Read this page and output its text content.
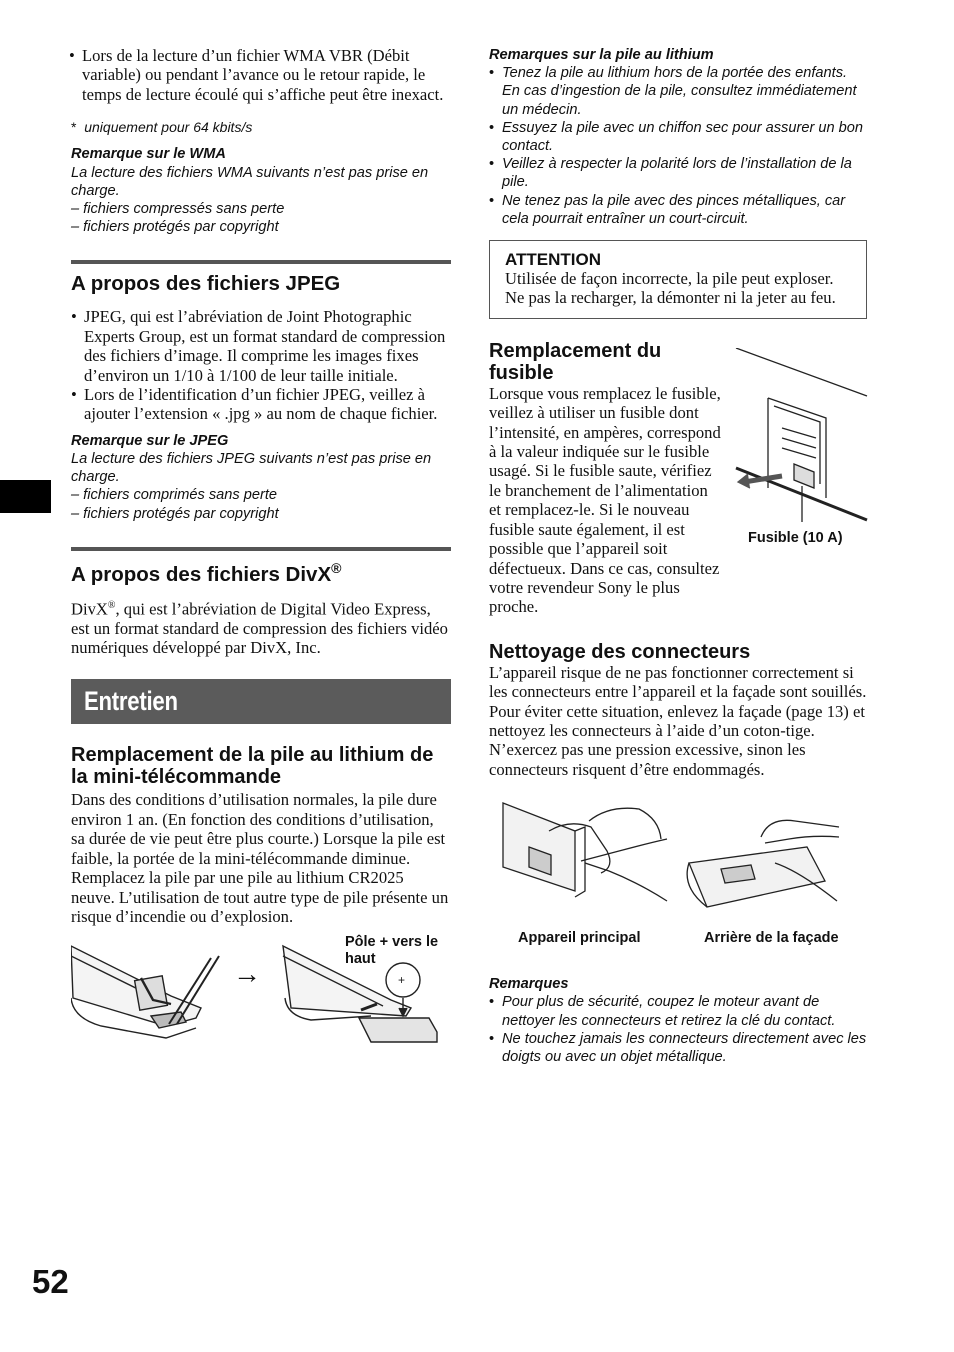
• Lors de la lecture d’un fichier WMA VBR (Débit variable) ou pendant l’avance ou le retour rapide, le temps de lecture écoulé qui s’affiche peut être inexact.
* uniquement pour 64 kbits/s
Remarque sur le WMA
La lecture des fichiers WMA suivants n’est pas prise en charge.
– fichiers compressés sans perte
– fichiers protégés par copyright
A propos des fichiers JPEG
• JPEG, qui est l’abréviation de Joint Photographic Experts Group, est un format standard de compression des fichiers d’image. Il comprime les images fixes d’environ un 1/10 à 1/100 de leur taille initiale.
• Lors de l’identification d’un fichier JPEG, veillez à ajouter l’extension « .jpg » au nom de chaque fichier.
Remarque sur le JPEG
La lecture des fichiers JPEG suivants n’est pas prise en charge.
– fichiers comprimés sans perte
– fichiers protégés par copyright
A propos des fichiers DivX®

DivX®, qui est l’abréviation de Digital Video Express, est un format standard de compression des fichiers vidéo numériques développé par DivX, Inc.

Entretien
Remplacement de la pile au lithium de la mini-télécommande

Dans des conditions d’utilisation normales, la pile dure environ 1 an. (En fonction des conditions d’utilisation, sa durée de vie peut être plus courte.) Lorsque la pile est faible, la portée de la mini-télécommande diminue. Remplacez la pile par une pile au lithium CR2025 neuve. L’utilisation de tout autre type de pile présente un risque d’incendie ou d’explosion.

+
→
Pôle + vers le haut
Remarques sur la pile au lithium
• Tenez la pile au lithium hors de la portée des enfants. En cas d’ingestion de la pile, consultez immédiatement un médecin.
• Essuyez la pile avec un chiffon sec pour assurer un bon contact.
• Veillez à respecter la polarité lors de l’installation de la pile.
• Ne tenez pas la pile avec des pinces métalliques, car cela pourrait entraîner un court-circuit.
ATTENTION

Utilisée de façon incorrecte, la pile peut exploser. Ne pas la recharger, la démonter ni la jeter au feu.

Remplacement du fusible

Lorsque vous remplacez le fusible, veillez à utiliser un fusible dont l’intensité, en ampères, correspond à la valeur indiquée sur le fusible usagé. Si le fusible saute, vérifiez le branchement de l’alimentation et remplacez-le. Si le nouveau fusible saute également, il est possible que l’appareil soit défectueux. Dans ce cas, consultez votre revendeur Sony le plus proche.

Fusible (10 A)
Nettoyage des connecteurs

L’appareil risque de ne pas fonctionner correctement si les connecteurs entre l’appareil et la façade sont souillés. Pour éviter cette situation, enlevez la façade (page 13) et nettoyez les connecteurs à l’aide d’un coton-tige. N’exercez pas une pression excessive, sinon les connecteurs risquent d’être endommagés.

Appareil principal	Arrière de la façade
Remarques
• Pour plus de sécurité, coupez le moteur avant de nettoyer les connecteurs et retirez la clé du contact.
• Ne touchez jamais les connecteurs directement avec les doigts ou avec un objet métallique.
52
